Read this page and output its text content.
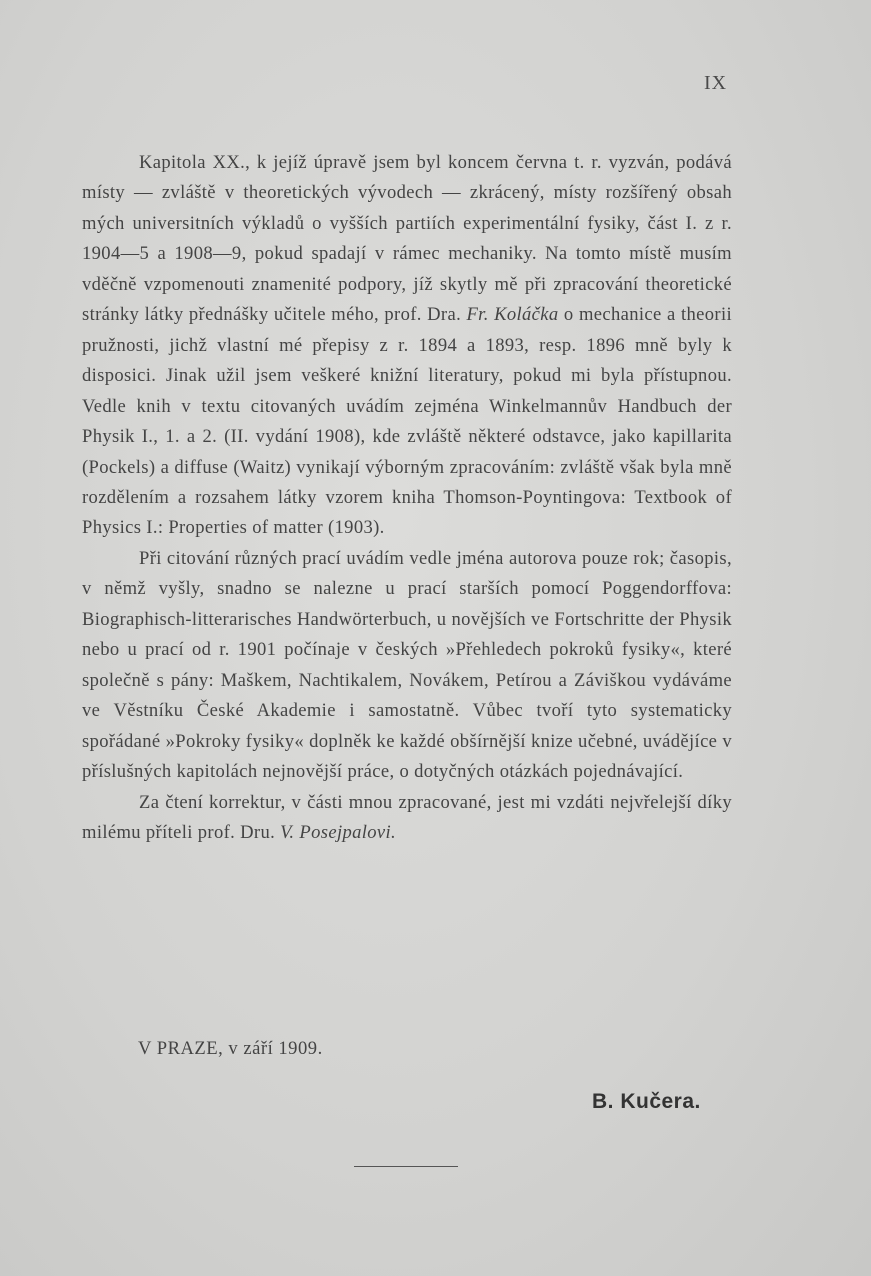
IX

Kapitola XX., k jejíž úpravě jsem byl koncem června t. r. vyzván, podává místy — zvláště v theoretických vývodech — zkrácený, místy rozšířený obsah mých universitních výkladů o vyšších partiích experimentální fysiky, část I. z r. 1904—5 a 1908—9, pokud spadají v rámec mechaniky. Na tomto místě musím vděčně vzpomenouti znamenité podpory, jíž skytly mě při zpracování theoretické stránky látky přednášky učitele mého, prof. Dra. Fr. Koláčka o mechanice a theorii pružnosti, jichž vlastní mé přepisy z r. 1894 a 1893, resp. 1896 mně byly k disposici. Jinak užil jsem veškeré knižní literatury, pokud mi byla přístupnou. Vedle knih v textu citovaných uvádím zejména Winkelmannův Handbuch der Physik I., 1. a 2. (II. vydání 1908), kde zvláště některé odstavce, jako kapillarita (Pockels) a diffuse (Waitz) vynikají výborným zpracováním: zvláště však byla mně rozdělením a rozsahem látky vzorem kniha Thomson-Poyntingova: Textbook of Physics I.: Properties of matter (1903).

Při citování různých prací uvádím vedle jména autorova pouze rok; časopis, v němž vyšly, snadno se nalezne u prací starších pomocí Poggendorffova: Biographisch-litterarisches Handwörterbuch, u novějších ve Fortschritte der Physik nebo u prací od r. 1901 počínaje v českých »Přehledech pokroků fysiky«, které společně s pány: Maškem, Nachtikalem, Novákem, Petírou a Záviškou vydáváme ve Věstníku České Akademie i samostatně. Vůbec tvoří tyto systematicky spořádané »Pokroky fysiky« doplněk ke každé obšírnější knize učebné, uvádějíce v příslušných kapitolách nejnovější práce, o dotyčných otázkách pojednávající.

Za čtení korrektur, v části mnou zpracované, jest mi vzdáti nejvřelejší díky milému příteli prof. Dru. V. Posejpalovi.

V PRAZE, v září 1909.
B. Kučera.
